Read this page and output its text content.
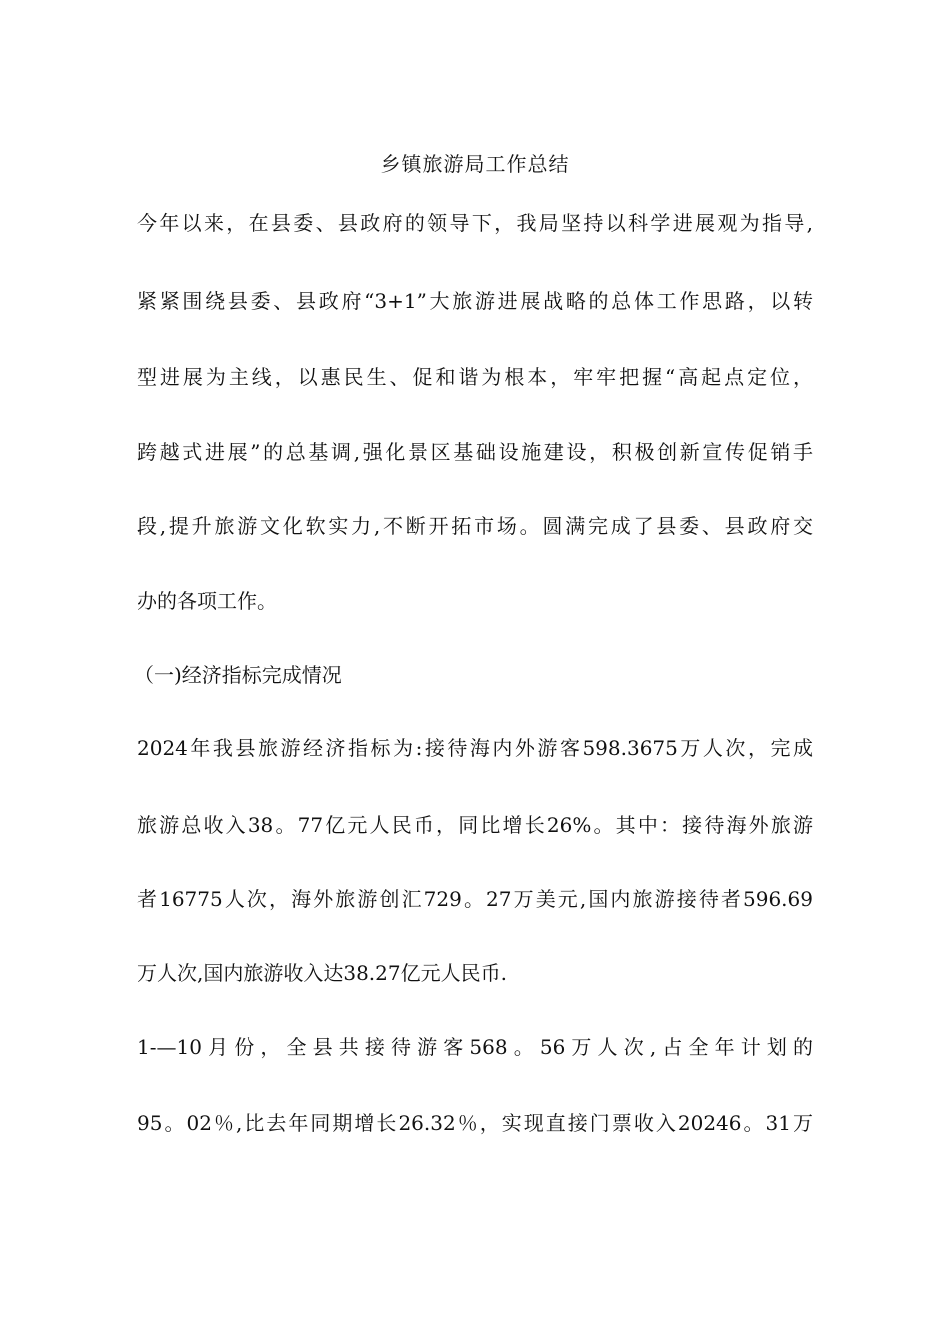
乡镇旅游局工作总结
今年以来，在县委、县政府的领导下，我局坚持以科学进展观为指导,
紧紧围绕县委、县政府“3+1”大旅游进展战略的总体工作思路，以转
型进展为主线，以惠民生、促和谐为根本，牢牢把握“高起点定位，
跨越式进展”的总基调,强化景区基础设施建设，积极创新宣传促销手
段,提升旅游文化软实力,不断开拓市场。圆满完成了县委、县政府交
办的各项工作。
（一)经济指标完成情况
2024年我县旅游经济指标为:接待海内外游客598.3675万人次，完成
旅游总收入38。77亿元人民币，同比增长26%。其中：接待海外旅游
者16775人次，海外旅游创汇729。27万美元,国内旅游接待者596.69
万人次,国内旅游收入达38.27亿元人民币.
1-—10月份，全县共接待游客568。56万人次,占全年计划的
95。02％,比去年同期增长26.32％，实现直接门票收入20246。31万
